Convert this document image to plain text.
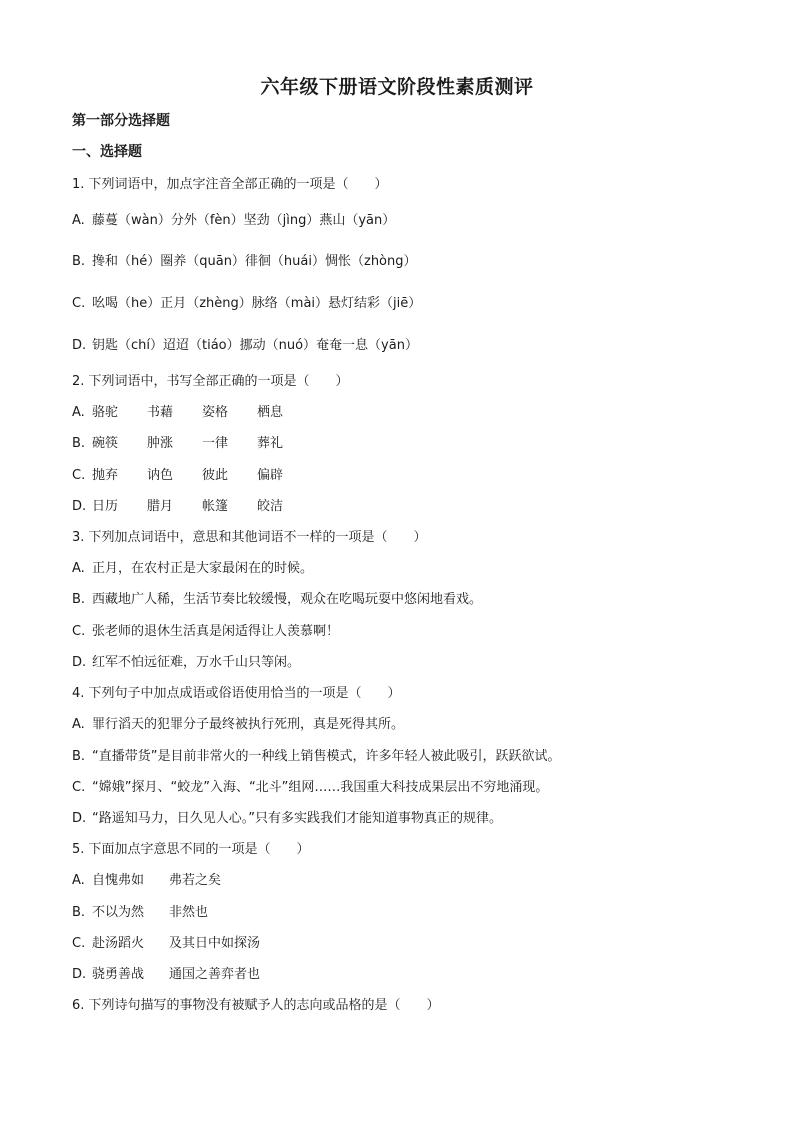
六年级下册语文阶段性素质测评
第一部分选择题
一、选择题
1. 下列词语中，加点字注音全部正确的一项是（　　）
A. 藤蔓（wàn）分外（fèn）坚劲（jìng）燕山（yān）
B. 搀和（hé）圈养（quān）徘徊（huái）惆怅（zhòng）
C. 吆喝（he）正月（zhèng）脉络（mài）悬灯结彩（jiē）
D. 钥匙（chí）迢迢（tiáo）挪动（nuó）奄奄一息（yān）
2. 下列词语中，书写全部正确的一项是（　　）
A. 骆驼 书藉 姿格 栖息
B. 碗筷 肿涨 一律 葬礼
C. 抛弃 讷色 彼此 偏辟
D. 日历 腊月 帐篷 皎洁
3. 下列加点词语中，意思和其他词语不一样的一项是（　　）
A. 正月，在农村正是大家最闲在的时候。
B. 西藏地广人稀，生活节奏比较缓慢，观众在吃喝玩耍中悠闲地看戏。
C. 张老师的退休生活真是闲适得让人羡慕啊！
D. 红军不怕远征难，万水千山只等闲。
4. 下列句子中加点成语或俗语使用恰当的一项是（　　）
A. 罪行滔天的犯罪分子最终被执行死刑，真是死得其所。
B. “直播带货”是目前非常火的一种线上销售模式，许多年轻人被此吸引，跃跃欲试。
C. “嫦娥”探月、“蛟龙”入海、“北斗”组网……我国重大科技成果层出不穷地涌现。
D. “路遥知马力，日久见人心。”只有多实践我们才能知道事物真正的规律。
5. 下面加点字意思不同的一项是（　　）
A. 自愧弗如 弗若之矣
B. 不以为然 非然也
C. 赴汤蹈火 及其日中如探汤
D. 骁勇善战 通国之善弈者也
6. 下列诗句描写的事物没有被赋予人的志向或品格的是（　　）
